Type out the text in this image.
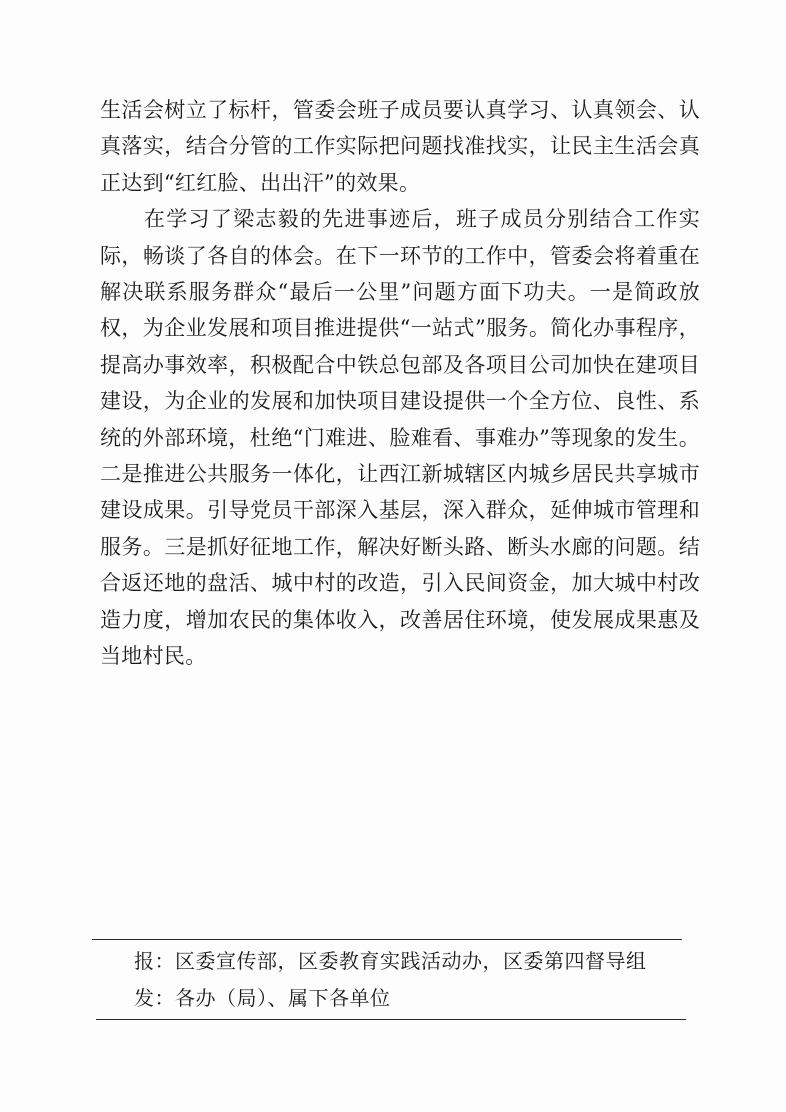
生活会树立了标杆，管委会班子成员要认真学习、认真领会、认真落实，结合分管的工作实际把问题找准找实，让民主生活会真正达到“红红脸、出出汗”的效果。

在学习了梁志毅的先进事迹后，班子成员分别结合工作实际，畅谈了各自的体会。在下一环节的工作中，管委会将着重在解决联系服务群众“最后一公里”问题方面下功夫。一是简政放权，为企业发展和项目推进提供“一站式”服务。简化办事程序，提高办事效率，积极配合中铁总包部及各项目公司加快在建项目建设，为企业的发展和加快项目建设提供一个全方位、良性、系统的外部环境，杜绝“门难进、脸难看、事难办”等现象的发生。二是推进公共服务一体化，让西江新城辖区内城乡居民共享城市建设成果。引导党员干部深入基层，深入群众，延伸城市管理和服务。三是抓好征地工作，解决好断头路、断头水廊的问题。结合返还地的盘活、城中村的改造，引入民间资金，加大城中村改造力度，增加农民的集体收入，改善居住环境，使发展成果惠及当地村民。

报：区委宣传部，区委教育实践活动办，区委第四督导组
发：各办（局）、属下各单位
